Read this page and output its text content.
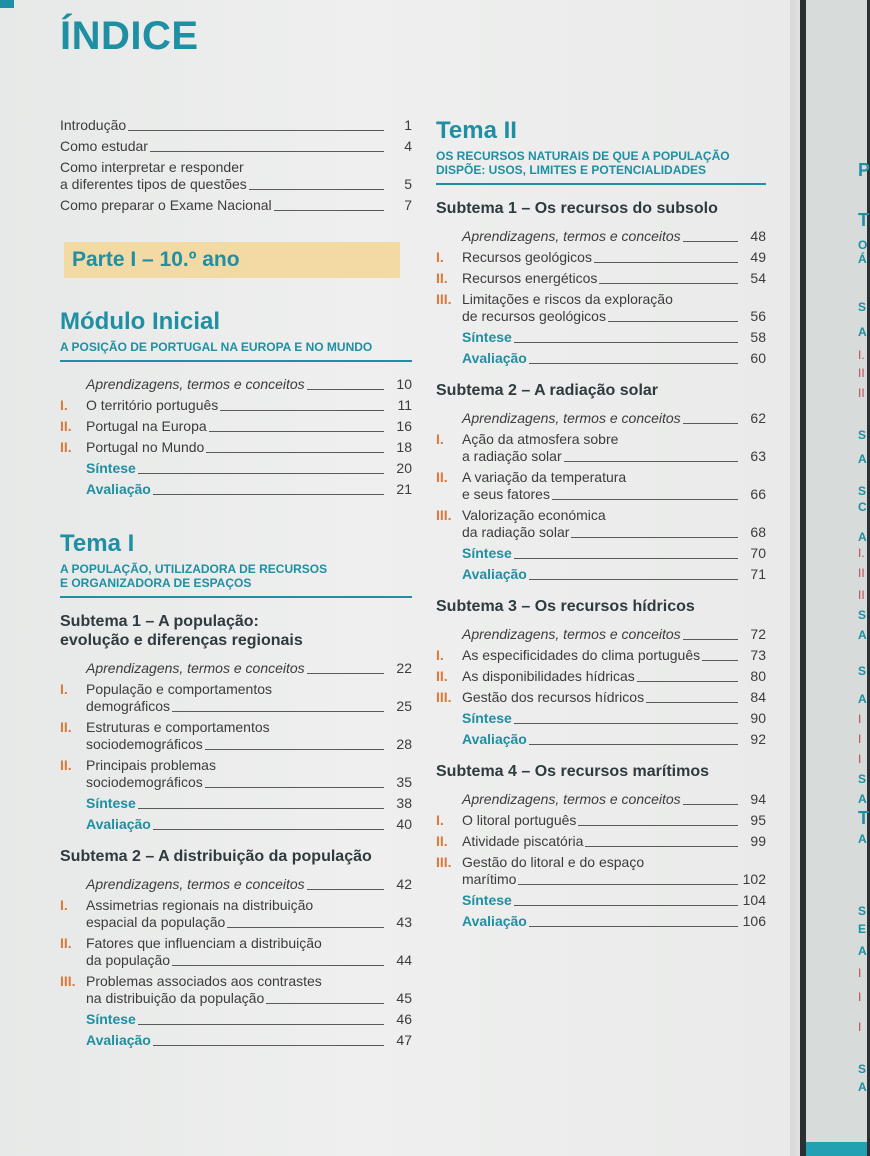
ÍNDICE
Introdução	1
Como estudar	4
Como interpretar e responder
a diferentes tipos de questões	5
Como preparar o Exame Nacional	7
Parte I – 10.º ano
Módulo Inicial
A POSIÇÃO DE PORTUGAL NA EUROPA E NO MUNDO
Aprendizagens, termos e conceitos	10
I.	O território português	11
II.	Portugal na Europa	16
II.	Portugal no Mundo	18
Síntese	20
Avaliação	21
Tema I
A POPULAÇÃO, UTILIZADORA DE RECURSOS
E ORGANIZADORA DE ESPAÇOS
Subtema 1 – A população:
evolução e diferenças regionais
Aprendizagens, termos e conceitos	22
I. População e comportamentos
demográficos	25
II. Estruturas e comportamentos
sociodemográficos	28
II. Principais problemas
sociodemográficos	35
Síntese	38
Avaliação	40
Subtema 2 – A distribuição da população
Aprendizagens, termos e conceitos	42
I. Assimetrias regionais na distribuição
espacial da população	43
II. Fatores que influenciam a distribuição
da população	44
III. Problemas associados aos contrastes
na distribuição da população	45
Síntese	46
Avaliação	47
Tema II
OS RECURSOS NATURAIS DE QUE A POPULAÇÃO
DISPÕE: USOS, LIMITES E POTENCIALIDADES
Subtema 1 – Os recursos do subsolo
Aprendizagens, termos e conceitos	48
I.	Recursos geológicos	49
II.	Recursos energéticos	54
III. Limitações e riscos da exploração
de recursos geológicos	56
Síntese	58
Avaliação	60
Subtema 2 – A radiação solar
Aprendizagens, termos e conceitos	62
I. Ação da atmosfera sobre
a radiação solar	63
II. A variação da temperatura
e seus fatores	66
III. Valorização económica
da radiação solar	68
Síntese	70
Avaliação	71
Subtema 3 – Os recursos hídricos
Aprendizagens, termos e conceitos	72
I.	As especificidades do clima português	73
II.	As disponibilidades hídricas	80
III. Gestão dos recursos hídricos	84
Síntese	90
Avaliação	92
Subtema 4 – Os recursos marítimos
Aprendizagens, termos e conceitos	94
I.	O litoral português	95
II.	Atividade piscatória	99
III. Gestão do litoral e do espaço
marítimo	102
Síntese	104
Avaliação	106
P
T
O
Á
S
A
I.
II
II
S
A
S
C
A
I.
II
II
S
A
S
A
I
I
I
S
A
T
A
S
E
A
I
I
I
S
A
